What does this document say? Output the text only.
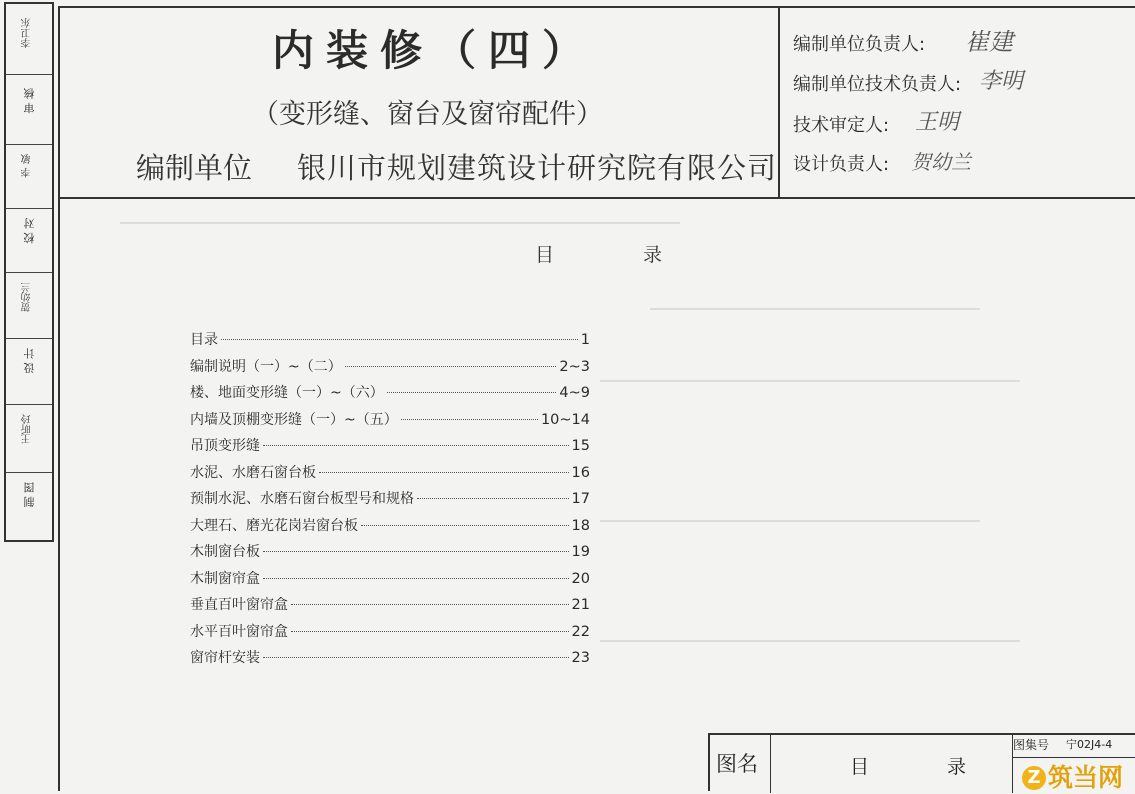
李卫东
审 核
李 敏
校 对
贺幼兰
设 计
王昕玲
制 图
内装修（四）
（变形缝、窗台及窗帘配件）
编制单位 银川市规划建筑设计研究院有限公司
编制单位负责人: 崔建
编制单位技术负责人: 李明
技术审定人: 王明
设计负责人: 贺幼兰
目	录
目录	1
编制说明（一）~（二）	2~3
楼、地面变形缝（一）~（六）	4~9
内墙及顶棚变形缝（一）~（五）	10~14
吊顶变形缝	15
水泥、水磨石窗台板	16
预制水泥、水磨石窗台板型号和规格	17
大理石、磨光花岗岩窗台板	18
木制窗台板	19
木制窗帘盒	20
垂直百叶窗帘盒	21
水平百叶窗帘盒	22
窗帘杆安装	23
图名	目 录
图集号 宁02J4-4
Z 筑当网
